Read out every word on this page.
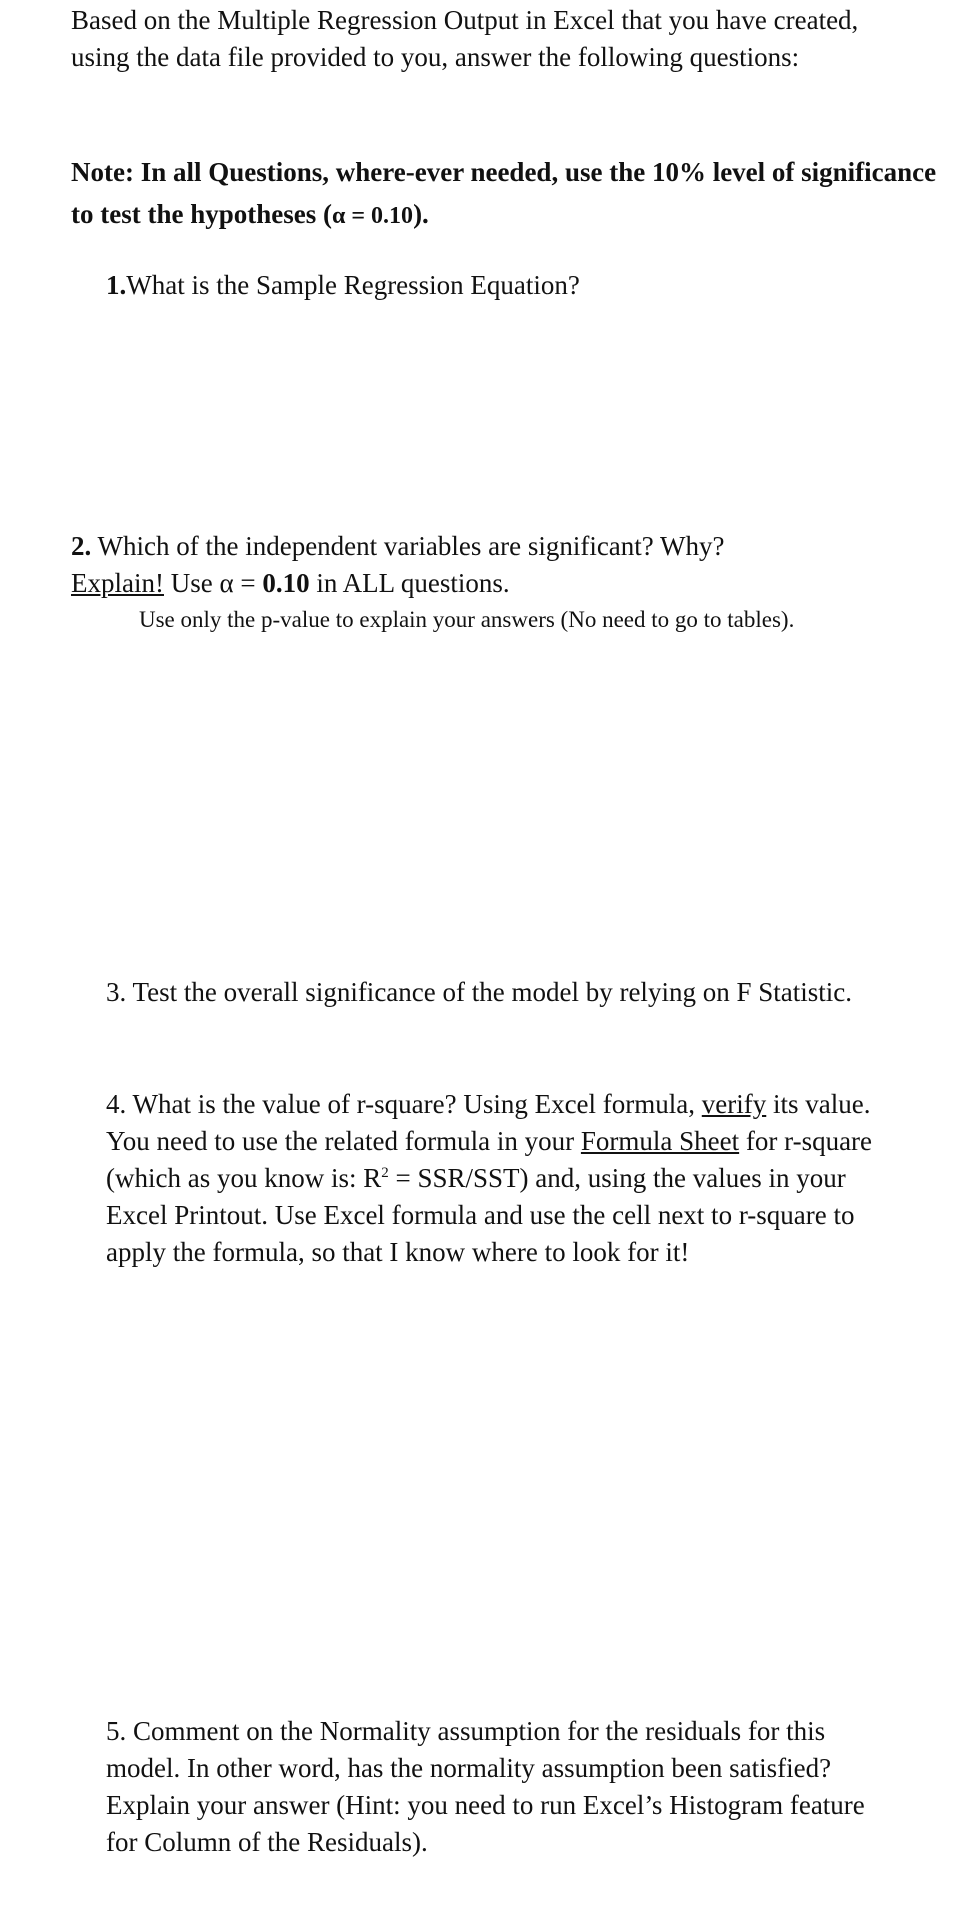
Based on the Multiple Regression Output in Excel that you have created, using the data file provided to you, answer the following questions:
Note: In all Questions, where-ever needed, use the 10% level of significance to test the hypotheses (α = 0.10).
1.What is the Sample Regression Equation?
2. Which of the independent variables are significant? Why?
Explain! Use α = 0.10 in ALL questions.
Use only the p-value to explain your answers (No need to go to tables).
3. Test the overall significance of the model by relying on F Statistic.
4. What is the value of r-square? Using Excel formula, verify its value. You need to use the related formula in your Formula Sheet for r-square (which as you know is: $R^2 = SSR/SST$) and, using the values in your Excel Printout. Use Excel formula and use the cell next to r-square to apply the formula, so that I know where to look for it!
5. Comment on the Normality assumption for the residuals for this model. In other word, has the normality assumption been satisfied? Explain your answer (Hint: you need to run Excel’s Histogram feature for Column of the Residuals).
